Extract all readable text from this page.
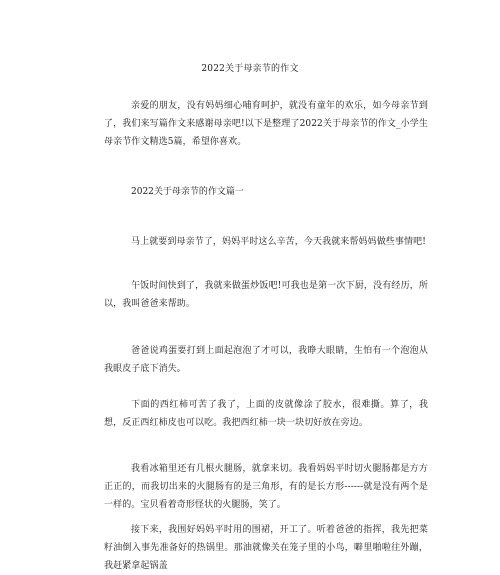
2022关于母亲节的作文

亲爱的朋友，没有妈妈细心哺育呵护，就没有童年的欢乐，如今母亲节到了，我们来写篇作文来感谢母亲吧!以下是整理了2022关于母亲节的作文_小学生母亲节作文精选5篇，希望你喜欢。

2022关于母亲节的作文篇一

马上就要到母亲节了，妈妈平时这么辛苦，今天我就来帮妈妈做些事情吧!

午饭时间快到了，我就来做蛋炒饭吧!可我也是第一次下厨，没有经历，所以，我叫爸爸来帮助。

爸爸说鸡蛋要打到上面起泡泡了才可以，我睁大眼睛，生怕有一个泡泡从我眼皮子底下消失。

下面的西红柿可苦了我了，上面的皮就像涂了胶水，很难撕。算了，我想，反正西红柿皮也可以吃。我把西红柿一块一块切好放在旁边。

我看冰箱里还有几根火腿肠，就拿来切。我看妈妈平时切火腿肠都是方方正正的，而我切出来的火腿肠有的是三角形，有的是长方形------就是没有两个是一样的。宝贝看着奇形怪状的火腿肠，笑了。

接下来，我围好妈妈平时用的围裙，开工了。听着爸爸的指挥，我先把菜籽油倒入事先准备好的热锅里。那油就像关在笼子里的小鸟，噼里啪啦往外蹦，我赶紧拿起锅盖
